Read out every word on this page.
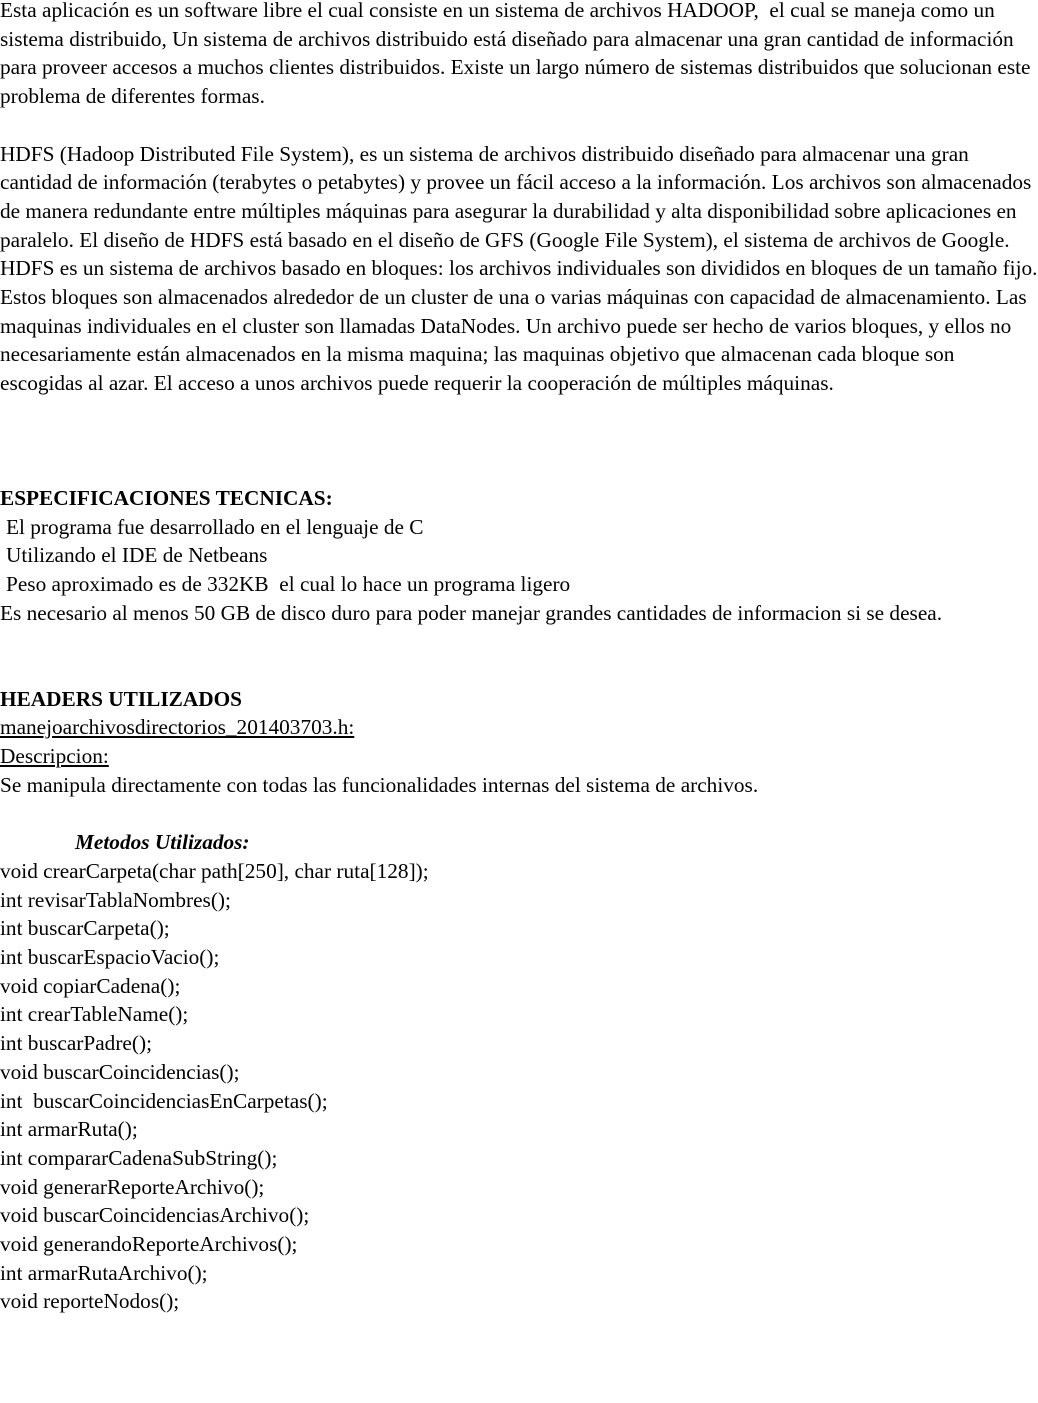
Esta aplicación es un software libre el cual consiste en un sistema de archivos HADOOP,  el cual se maneja como un sistema distribuido, Un sistema de archivos distribuido está diseñado para almacenar una gran cantidad de información para proveer accesos a muchos clientes distribuidos. Existe un largo número de sistemas distribuidos que solucionan este problema de diferentes formas.

HDFS (Hadoop Distributed File System), es un sistema de archivos distribuido diseñado para almacenar una gran cantidad de información (terabytes o petabytes) y provee un fácil acceso a la información. Los archivos son almacenados de manera redundante entre múltiples máquinas para asegurar la durabilidad y alta disponibilidad sobre aplicaciones en paralelo. El diseño de HDFS está basado en el diseño de GFS (Google File System), el sistema de archivos de Google.

HDFS es un sistema de archivos basado en bloques: los archivos individuales son divididos en bloques de un tamaño fijo. Estos bloques son almacenados alrededor de un cluster de una o varias máquinas con capacidad de almacenamiento. Las maquinas individuales en el cluster son llamadas DataNodes. Un archivo puede ser hecho de varios bloques, y ellos no necesariamente están almacenados en la misma maquina; las maquinas objetivo que almacenan cada bloque son escogidas al azar. El acceso a unos archivos puede requerir la cooperación de múltiples máquinas.

ESPECIFICACIONES TECNICAS:

El programa fue desarrollado en el lenguaje de C

Utilizando el IDE de Netbeans

Peso aproximado es de 332KB  el cual lo hace un programa ligero

Es necesario al menos 50 GB de disco duro para poder manejar grandes cantidades de informacion si se desea.

HEADERS UTILIZADOS

manejoarchivosdirectorios_201403703.h:

Descripcion:

Se manipula directamente con todas las funcionalidades internas del sistema de archivos.

Metodos Utilizados:

void crearCarpeta(char path[250], char ruta[128]);

int revisarTablaNombres();

int buscarCarpeta();

int buscarEspacioVacio();

void copiarCadena();

int crearTableName();

int buscarPadre();

void buscarCoincidencias();

int  buscarCoincidenciasEnCarpetas();

int armarRuta();

int compararCadenaSubString();

void generarReporteArchivo();

void buscarCoincidenciasArchivo();

void generandoReporteArchivos();

int armarRutaArchivo();

void reporteNodos();
